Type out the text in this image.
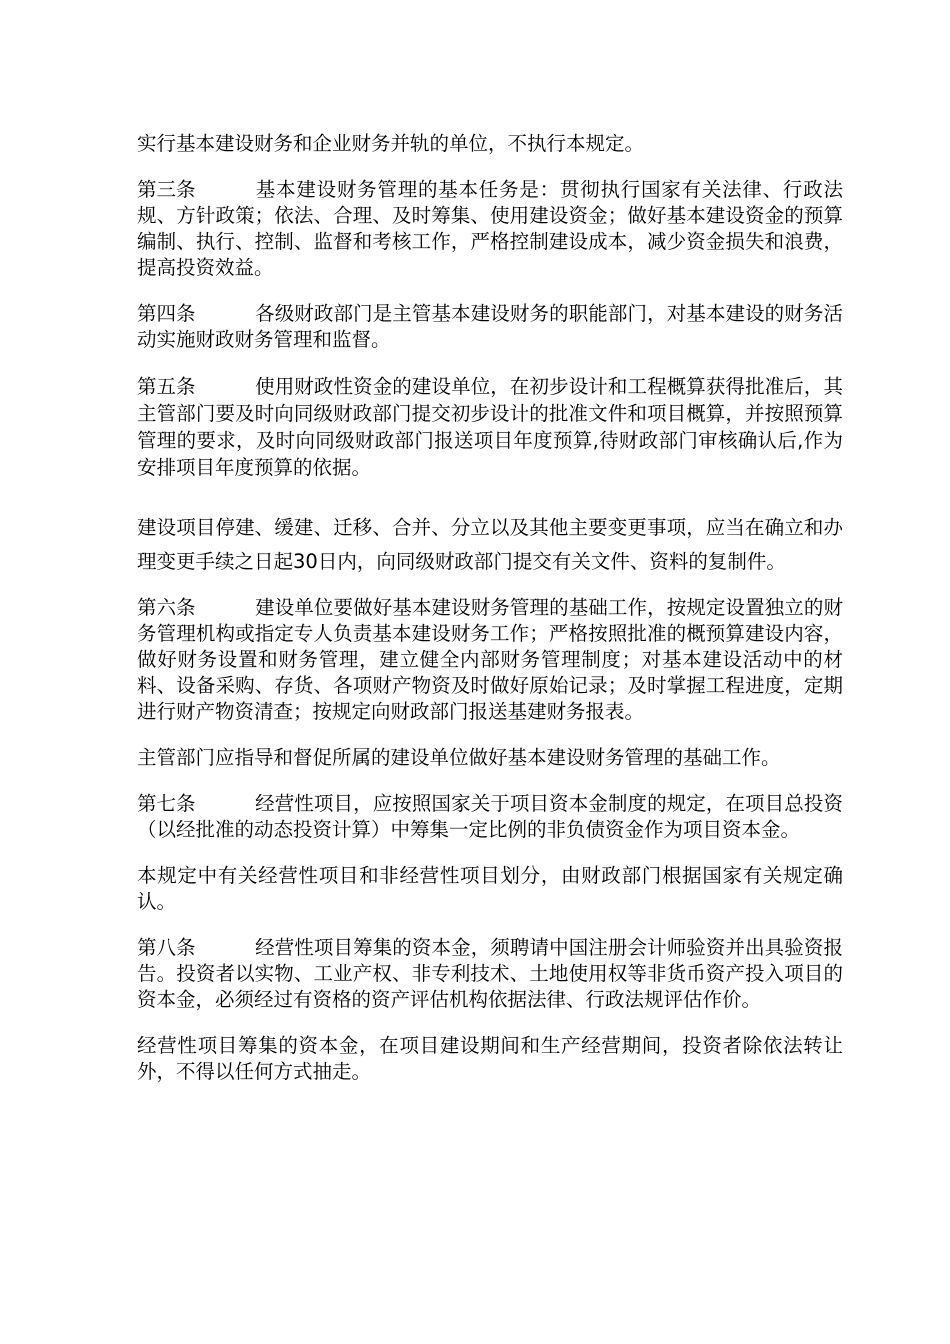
实行基本建设财务和企业财务并轨的单位，不执行本规定。

第三条	基本建设财务管理的基本任务是：贯彻执行国家有关法律、行政法规、方针政策；依法、合理、及时筹集、使用建设资金；做好基本建设资金的预算编制、执行、控制、监督和考核工作，严格控制建设成本，减少资金损失和浪费，提高投资效益。

第四条	各级财政部门是主管基本建设财务的职能部门，对基本建设的财务活动实施财政财务管理和监督。

第五条	使用财政性资金的建设单位，在初步设计和工程概算获得批准后，其主管部门要及时向同级财政部门提交初步设计的批准文件和项目概算，并按照预算管理的要求，及时向同级财政部门报送项目年度预算,待财政部门审核确认后,作为安排项目年度预算的依据。

建设项目停建、缓建、迁移、合并、分立以及其他主要变更事项，应当在确立和办理变更手续之日起30日内，向同级财政部门提交有关文件、资料的复制件。

第六条	建设单位要做好基本建设财务管理的基础工作，按规定设置独立的财务管理机构或指定专人负责基本建设财务工作；严格按照批准的概预算建设内容，做好财务设置和财务管理，建立健全内部财务管理制度；对基本建设活动中的材料、设备采购、存货、各项财产物资及时做好原始记录；及时掌握工程进度，定期进行财产物资清查；按规定向财政部门报送基建财务报表。

主管部门应指导和督促所属的建设单位做好基本建设财务管理的基础工作。

第七条	经营性项目，应按照国家关于项目资本金制度的规定，在项目总投资（以经批准的动态投资计算）中筹集一定比例的非负债资金作为项目资本金。

本规定中有关经营性项目和非经营性项目划分，由财政部门根据国家有关规定确认。

第八条	经营性项目筹集的资本金，须聘请中国注册会计师验资并出具验资报告。投资者以实物、工业产权、非专利技术、土地使用权等非货币资产投入项目的资本金，必须经过有资格的资产评估机构依据法律、行政法规评估作价。

经营性项目筹集的资本金，在项目建设期间和生产经营期间，投资者除依法转让外，不得以任何方式抽走。
